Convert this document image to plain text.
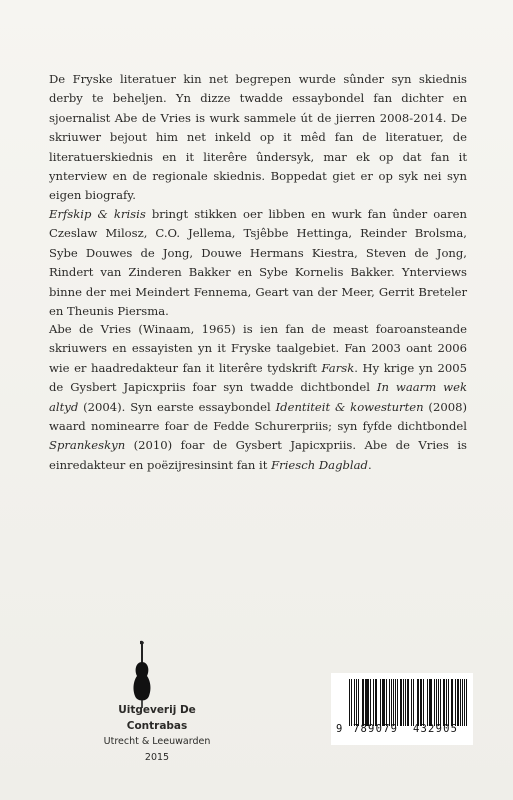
De Fryske literatuer kin net begrepen wurde sûnder syn skiednis derby te beheljen. Yn dizze twadde essaybondel fan dichter en sjoernalist Abe de Vries is wurk sammele út de jierren 2008-2014. De skriuwer bejout him net inkeld op it mêd fan de literatuer, de literatuerskiednis en it literêre ûndersyk, mar ek op dat fan it ynterview en de regionale skiednis. Boppedat giet er op syk nei syn eigen biografy.

Erfskip & krisis bringt stikken oer libben en wurk fan ûnder oaren Czeslaw Milosz, C.O. Jellema, Tsjêbbe Hettinga, Reinder Brolsma, Sybe Douwes de Jong, Douwe Hermans Kiestra, Steven de Jong, Rindert van Zinderen Bakker en Sybe Kornelis Bakker. Ynterviews binne der mei Meindert Fennema, Geart van der Meer, Gerrit Breteler en Theunis Piersma.

Abe de Vries (Winaam, 1965) is ien fan de meast foaroansteande skriuwers en essayisten yn it Fryske taalgebiet. Fan 2003 oant 2006 wie er haadredakteur fan it literêre tydskrift Farsk. Hy krige yn 2005 de Gysbert Japicxpriis foar syn twadde dichtbondel In waarm wek altyd (2004). Syn earste essaybondel Identiteit & kowesturten (2008) waard nominearre foar de Fedde Schurerpriis; syn fyfde dichtbondel Sprankeskyn (2010) foar de Gysbert Japicxpriis. Abe de Vries is einredakteur en poëzijresinsint fan it Friesch Dagblad.

Uitgeverij De Contrabas
Utrecht & Leeuwarden 2015
9 789079 432905
